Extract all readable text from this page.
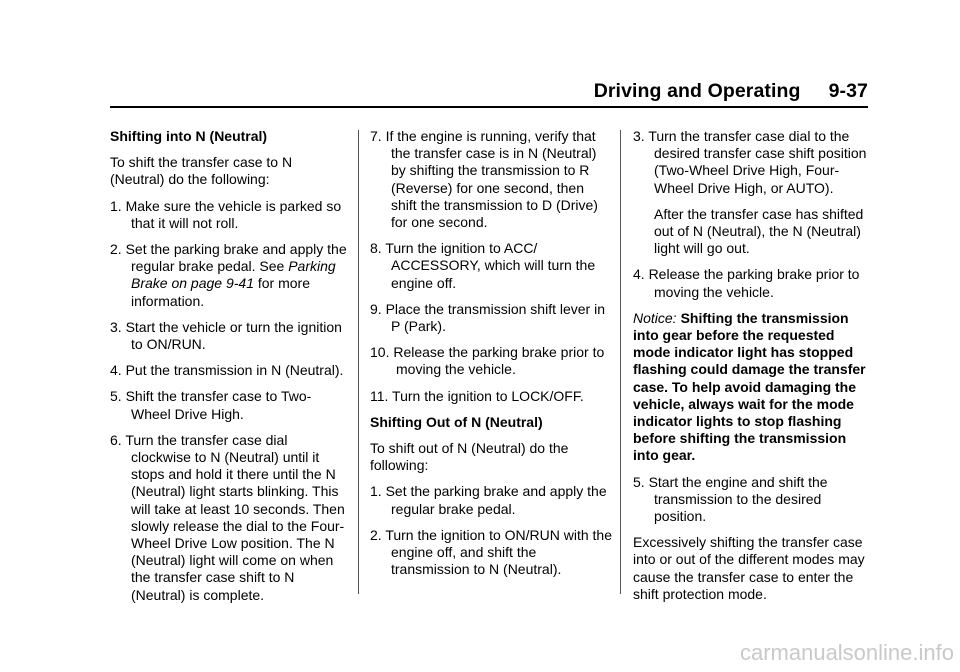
Driving and Operating 9-37
Shifting into N (Neutral)

To shift the transfer case to N (Neutral) do the following:

1. Make sure the vehicle is parked so that it will not roll.
2. Set the parking brake and apply the regular brake pedal. See Parking Brake on page 9-41 for more information.
3. Start the vehicle or turn the ignition to ON/RUN.
4. Put the transmission in N (Neutral).
5. Shift the transfer case to Two-Wheel Drive High.
6. Turn the transfer case dial clockwise to N (Neutral) until it stops and hold it there until the N (Neutral) light starts blinking. This will take at least 10 seconds. Then slowly release the dial to the Four-Wheel Drive Low position. The N (Neutral) light will come on when the transfer case shift to N (Neutral) is complete.
7. If the engine is running, verify that the transfer case is in N (Neutral) by shifting the transmission to R (Reverse) for one second, then shift the transmission to D (Drive) for one second.
8. Turn the ignition to ACC/ ACCESSORY, which will turn the engine off.
9. Place the transmission shift lever in P (Park).
10. Release the parking brake prior to moving the vehicle.
11. Turn the ignition to LOCK/OFF.
Shifting Out of N (Neutral)

To shift out of N (Neutral) do the following:

1. Set the parking brake and apply the regular brake pedal.
2. Turn the ignition to ON/RUN with the engine off, and shift the transmission to N (Neutral).
3. Turn the transfer case dial to the desired transfer case shift position (Two-Wheel Drive High, Four-Wheel Drive High, or AUTO).
After the transfer case has shifted out of N (Neutral), the N (Neutral) light will go out.
4. Release the parking brake prior to moving the vehicle.
Notice: Shifting the transmission into gear before the requested mode indicator light has stopped flashing could damage the transfer case. To help avoid damaging the vehicle, always wait for the mode indicator lights to stop flashing before shifting the transmission into gear.
5. Start the engine and shift the transmission to the desired position.

Excessively shifting the transfer case into or out of the different modes may cause the transfer case to enter the shift protection mode.

carmanualsonline.info
